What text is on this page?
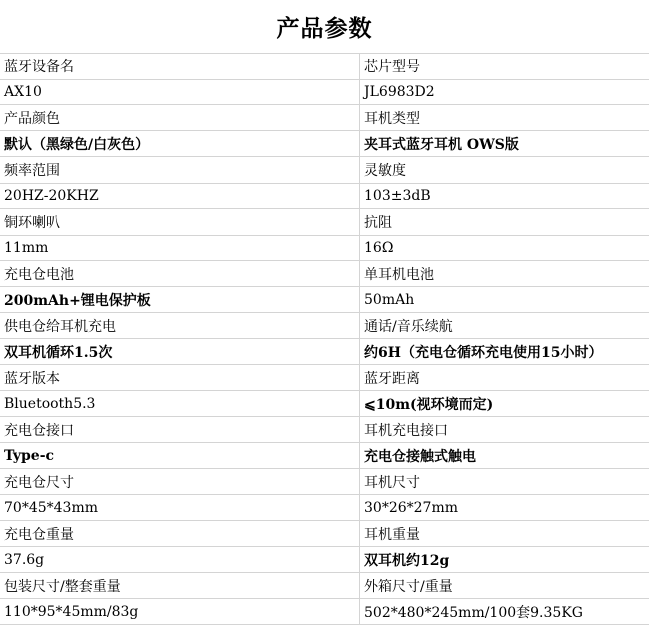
产品参数
蓝牙设备名	芯片型号
AX10	JL6983D2
产品颜色	耳机类型
默认（黑绿色/白灰色）	夹耳式蓝牙耳机 OWS版
频率范围	灵敏度
20HZ-20KHZ	103±3dB
铜环喇叭	抗阻
11mm	16Ω
充电仓电池	单耳机电池
200mAh+锂电保护板	50mAh
供电仓给耳机充电	通话/音乐续航
双耳机循环1.5次	约6H（充电仓循环充电使用15小时）
蓝牙版本	蓝牙距离
Bluetooth5.3	⩽10m(视环境而定)
充电仓接口	耳机充电接口
Type-c	充电仓接触式触电
充电仓尺寸	耳机尺寸
70*45*43mm	30*26*27mm
充电仓重量	耳机重量
37.6g	双耳机约12g
包装尺寸/整套重量	外箱尺寸/重量
110*95*45mm/83g	502*480*245mm/100套9.35KG
